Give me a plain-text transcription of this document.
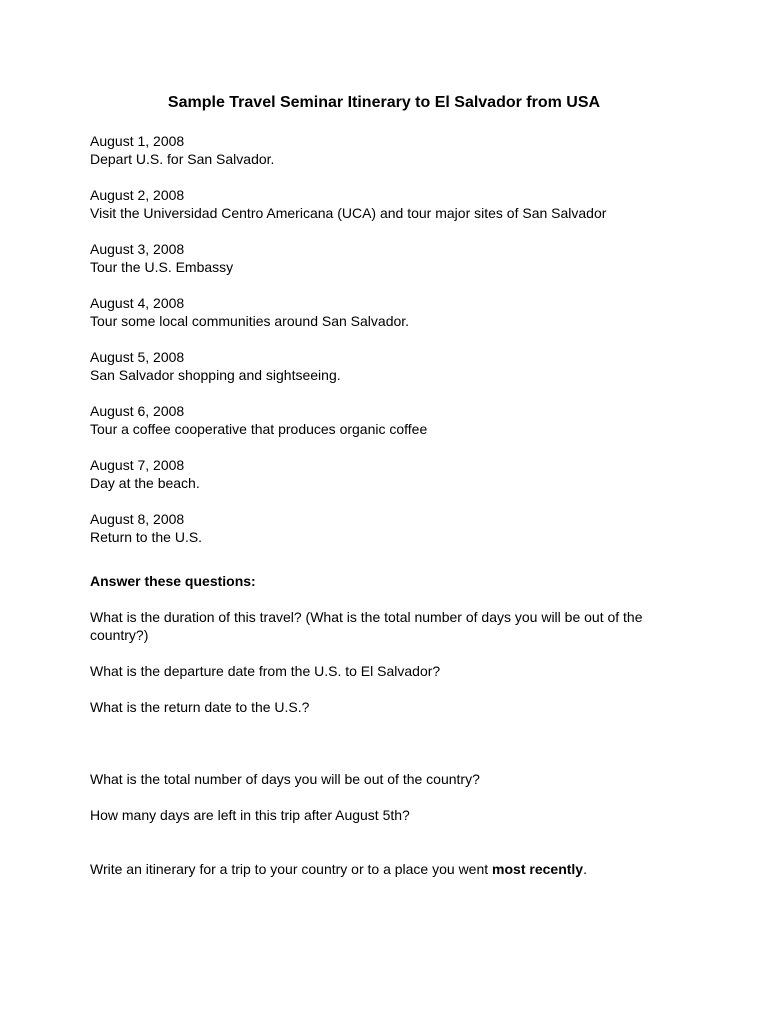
Sample Travel Seminar Itinerary to El Salvador from USA
August 1, 2008
Depart U.S. for San Salvador.
August 2, 2008
Visit the Universidad Centro Americana (UCA) and tour major sites of San Salvador
August 3, 2008
Tour the U.S. Embassy
August 4, 2008
Tour some local communities around San Salvador.
August 5, 2008
San Salvador shopping and sightseeing.
August 6, 2008
Tour a coffee cooperative that produces organic coffee
August 7, 2008
Day at the beach.
August 8, 2008
Return to the U.S.
Answer these questions:
What is the duration of this travel? (What is the total number of days you will be out of the country?)
What is the departure date from the U.S. to El Salvador?
What is the return date to the U.S.?
What is the total number of days you will be out of the country?
How many days are left in this trip after August 5th?
Write an itinerary for a trip to your country or to a place you went most recently.
